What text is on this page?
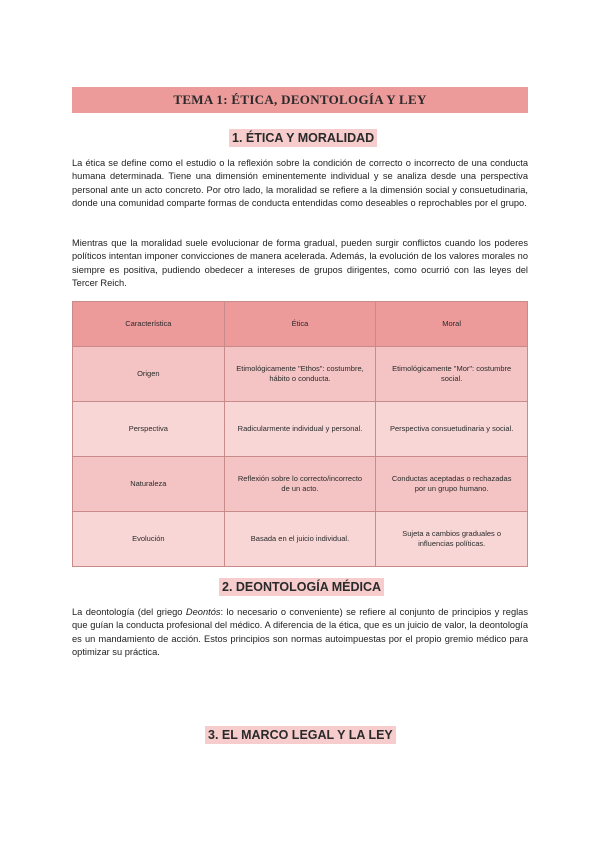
TEMA 1: ÉTICA, DEONTOLOGÍA Y LEY
1. ÉTICA Y MORALIDAD

La ética se define como el estudio o la reflexión sobre la condición de correcto o incorrecto de una conducta humana determinada. Tiene una dimensión eminentemente individual y se analiza desde una perspectiva personal ante un acto concreto. Por otro lado, la moralidad se refiere a la dimensión social y consuetudinaria, donde una comunidad comparte formas de conducta entendidas como deseables o reprochables por el grupo.

Mientras que la moralidad suele evolucionar de forma gradual, pueden surgir conflictos cuando los poderes políticos intentan imponer convicciones de manera acelerada. Además, la evolución de los valores morales no siempre es positiva, pudiendo obedecer a intereses de grupos dirigentes, como ocurrió con las leyes del Tercer Reich.

Característica	Ética	Moral
Origen	Etimológicamente "Ethos": costumbre, hábito o conducta.	Etimológicamente "Mor": costumbre social.
Perspectiva	Radicularmente individual y personal.	Perspectiva consuetudinaria y social.
Naturaleza	Reflexión sobre lo correcto/incorrecto de un acto.	Conductas aceptadas o rechazadas por un grupo humano.
Evolución	Basada en el juicio individual.	Sujeta a cambios graduales o influencias políticas.
2. DEONTOLOGÍA MÉDICA

La deontología (del griego Deontós: lo necesario o conveniente) se refiere al conjunto de principios y reglas que guían la conducta profesional del médico. A diferencia de la ética, que es un juicio de valor, la deontología es un mandamiento de acción. Estos principios son normas autoimpuestas por el propio gremio médico para optimizar su práctica.

3. EL MARCO LEGAL Y LA LEY
